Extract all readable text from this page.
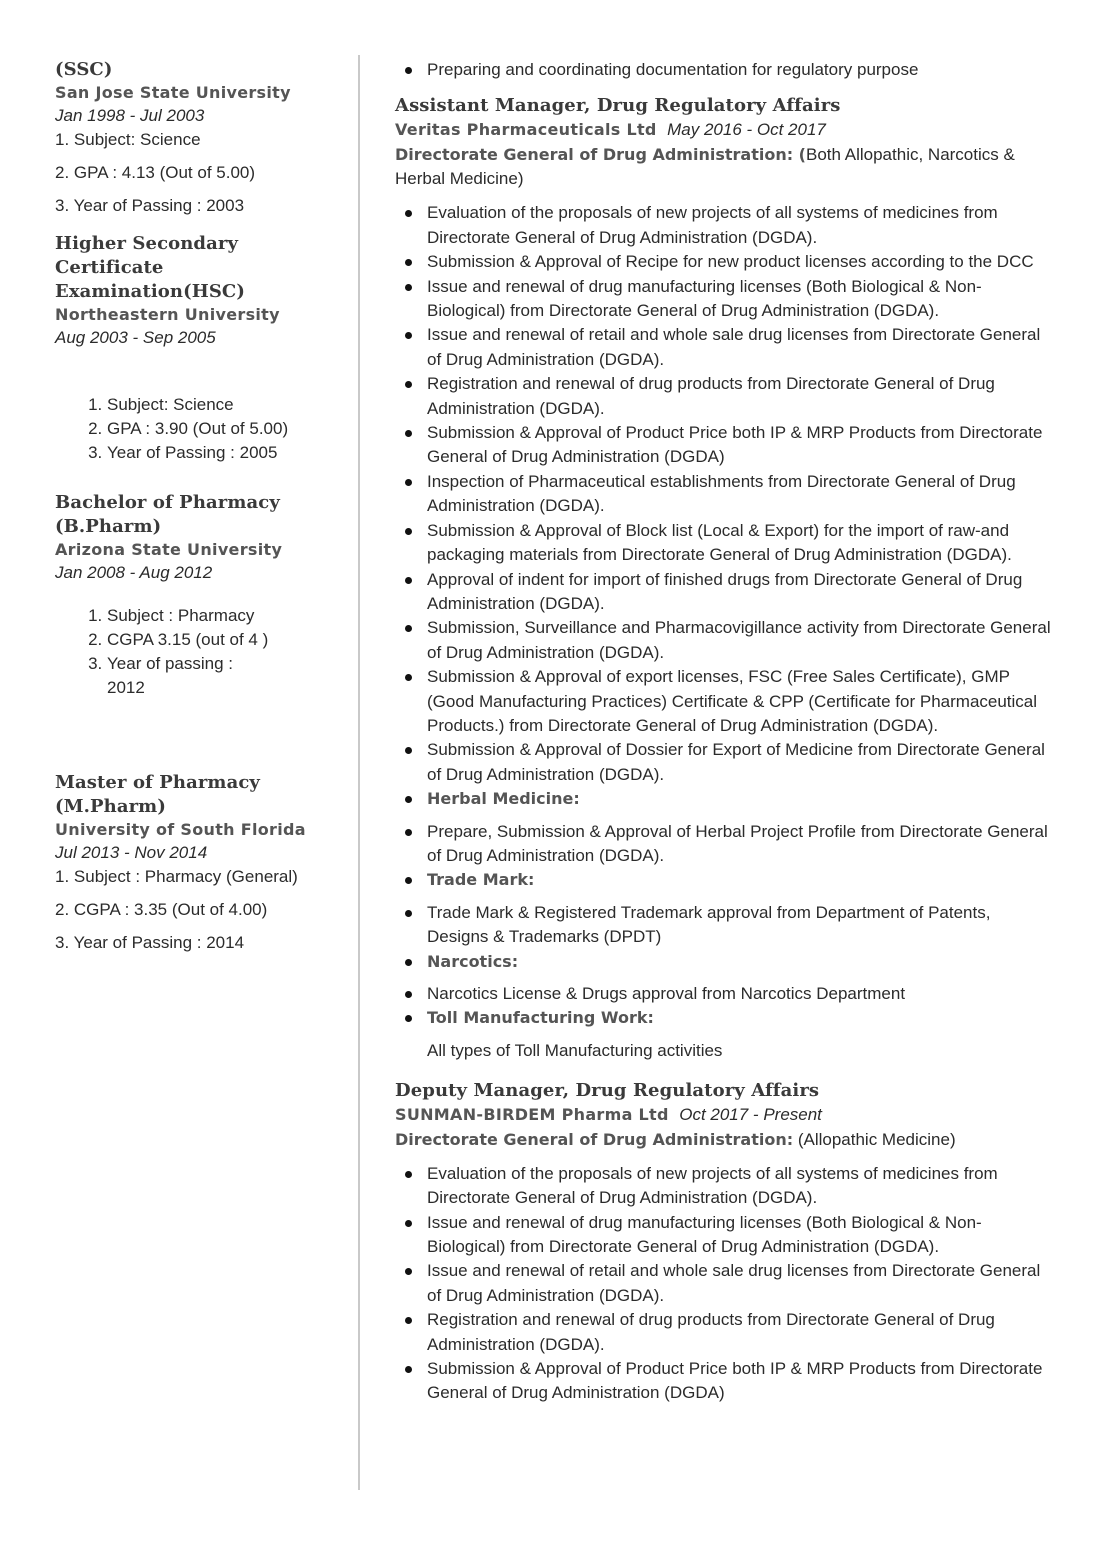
(SSC)
San Jose State University
Jan 1998 - Jul 2003
1. Subject: Science
2. GPA : 4.13 (Out of 5.00)
3. Year of Passing : 2003
Higher Secondary
Certificate
Examination(HSC)
Northeastern University
Aug 2003 - Sep 2005
1. Subject: Science
2. GPA : 3.90 (Out of 5.00)
3. Year of Passing : 2005
Bachelor of Pharmacy
(B.Pharm)
Arizona State University
Jan 2008 - Aug 2012
1. Subject : Pharmacy
2. CGPA 3.15 (out of 4 )
3. Year of passing :
2012
Master of Pharmacy
(M.Pharm)
University of South Florida
Jul 2013 - Nov 2014
1. Subject : Pharmacy (General)
2. CGPA : 3.35 (Out of 4.00)
3. Year of Passing : 2014
Preparing and coordinating documentation for regulatory purpose
Assistant Manager, Drug Regulatory Affairs
Veritas Pharmaceuticals Ltd May 2016 - Oct 2017
Directorate General of Drug Administration: (Both Allopathic, Narcotics & Herbal Medicine)
Evaluation of the proposals of new projects of all systems of medicines from Directorate General of Drug Administration (DGDA).
Submission & Approval of Recipe for new product licenses according to the DCC
Issue and renewal of drug manufacturing licenses (Both Biological & Non-Biological) from Directorate General of Drug Administration (DGDA).
Issue and renewal of retail and whole sale drug licenses from Directorate General of Drug Administration (DGDA).
Registration and renewal of drug products from Directorate General of Drug Administration (DGDA).
Submission & Approval of Product Price both IP & MRP Products from Directorate General of Drug Administration (DGDA)
Inspection of Pharmaceutical establishments from Directorate General of Drug Administration (DGDA).
Submission & Approval of Block list (Local & Export) for the import of raw-and packaging materials from Directorate General of Drug Administration (DGDA).
Approval of indent for import of finished drugs from Directorate General of Drug Administration (DGDA).
Submission, Surveillance and Pharmacovigillance activity from Directorate General of Drug Administration (DGDA).
Submission & Approval of export licenses, FSC (Free Sales Certificate), GMP (Good Manufacturing Practices) Certificate & CPP (Certificate for Pharmaceutical Products.) from Directorate General of Drug Administration (DGDA).
Submission & Approval of Dossier for Export of Medicine from Directorate General of Drug Administration (DGDA).
Herbal Medicine:
Prepare, Submission & Approval of Herbal Project Profile from Directorate General of Drug Administration (DGDA).
Trade Mark:
Trade Mark & Registered Trademark approval from Department of Patents, Designs & Trademarks (DPDT)
Narcotics:
Narcotics License & Drugs approval from Narcotics Department
Toll Manufacturing Work:
All types of Toll Manufacturing activities
Deputy Manager, Drug Regulatory Affairs
SUNMAN-BIRDEM Pharma Ltd Oct 2017 - Present
Directorate General of Drug Administration: (Allopathic Medicine)
Evaluation of the proposals of new projects of all systems of medicines from Directorate General of Drug Administration (DGDA).
Issue and renewal of drug manufacturing licenses (Both Biological & Non-Biological) from Directorate General of Drug Administration (DGDA).
Issue and renewal of retail and whole sale drug licenses from Directorate General of Drug Administration (DGDA).
Registration and renewal of drug products from Directorate General of Drug Administration (DGDA).
Submission & Approval of Product Price both IP & MRP Products from Directorate General of Drug Administration (DGDA)
